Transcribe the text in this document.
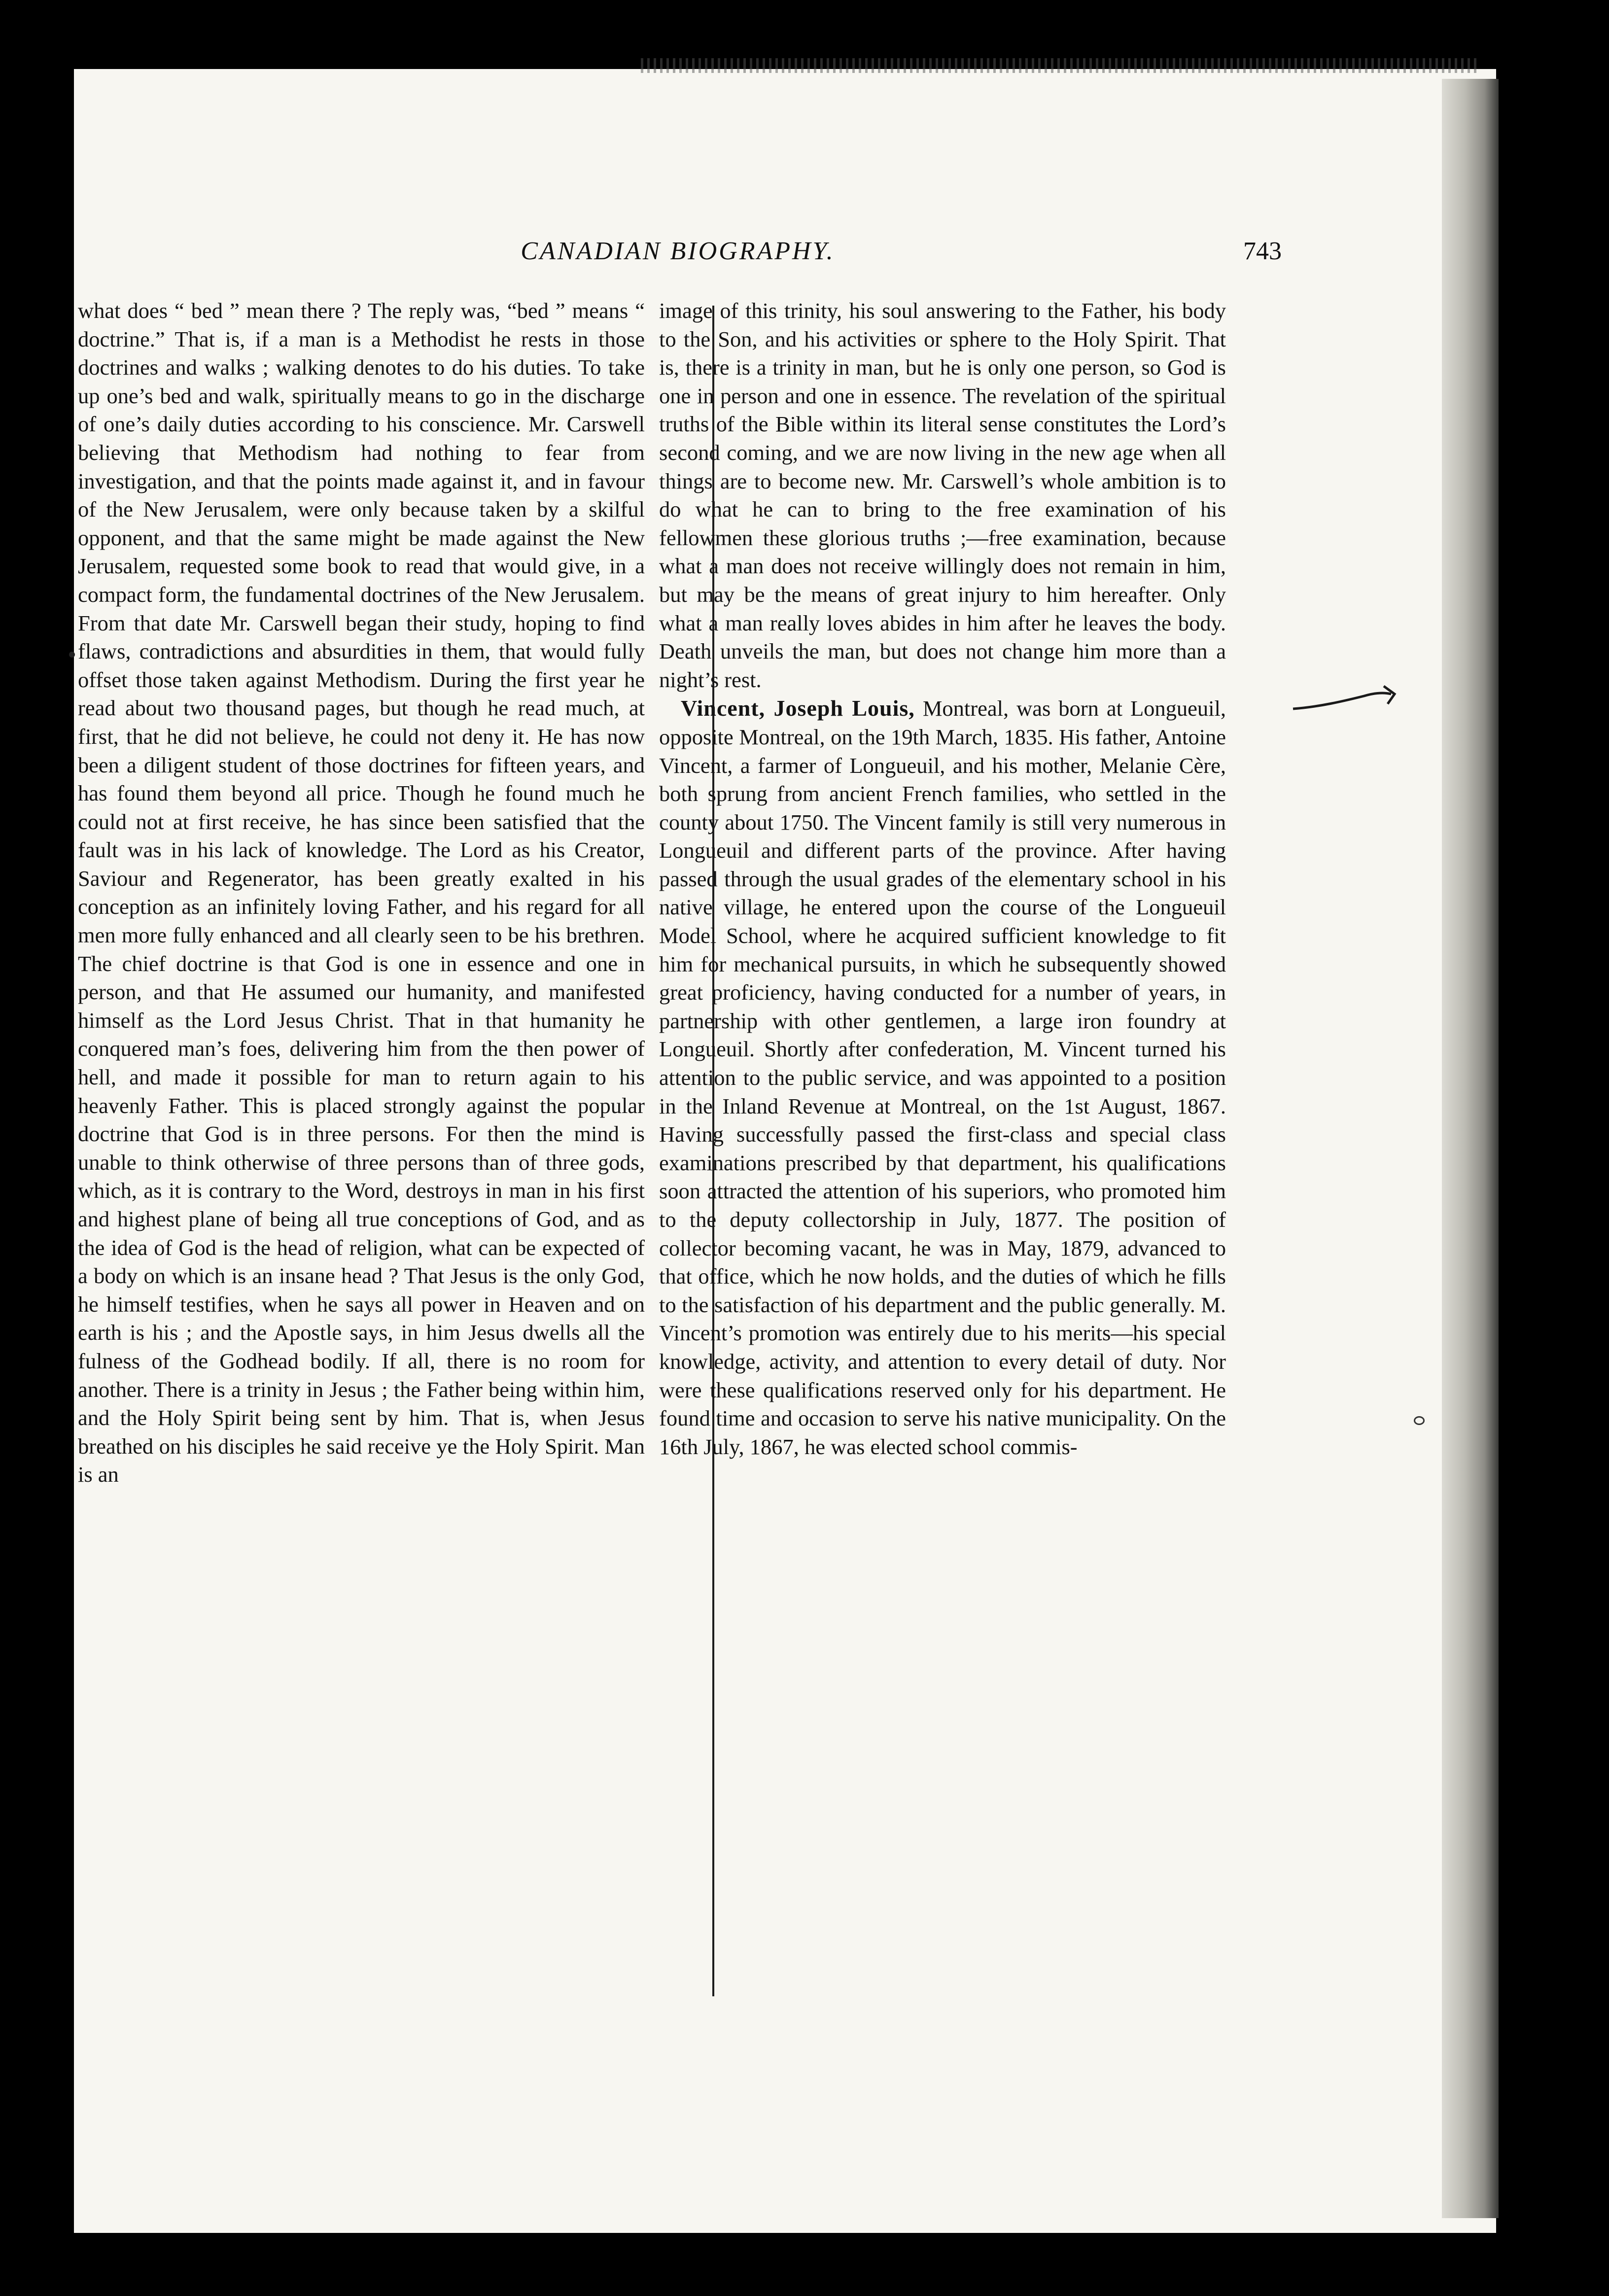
CANADIAN BIOGRAPHY.	743

what does “ bed ” mean there ? The reply was, “bed ” means “ doctrine.” That is, if a man is a Methodist he rests in those doctrines and walks ; walking denotes to do his duties. To take up one’s bed and walk, spiritually means to go in the discharge of one’s daily duties according to his conscience. Mr. Carswell believing that Methodism had nothing to fear from investigation, and that the points made against it, and in favour of the New Jerusalem, were only because taken by a skilful opponent, and that the same might be made against the New Jerusalem, requested some book to read that would give, in a compact form, the fundamental doctrines of the New Jerusalem. From that date Mr. Carswell began their study, hoping to find flaws, contradictions and absurdities in them, that would fully offset those taken against Methodism. During the first year he read about two thousand pages, but though he read much, at first, that he did not believe, he could not deny it. He has now been a diligent student of those doctrines for fifteen years, and has found them beyond all price. Though he found much he could not at first receive, he has since been satisfied that the fault was in his lack of knowledge. The Lord as his Creator, Saviour and Regenerator, has been greatly exalted in his conception as an infinitely loving Father, and his regard for all men more fully enhanced and all clearly seen to be his brethren. The chief doctrine is that God is one in essence and one in person, and that He assumed our humanity, and manifested himself as the Lord Jesus Christ. That in that humanity he conquered man’s foes, delivering him from the then power of hell, and made it possible for man to return again to his heavenly Father. This is placed strongly against the popular doctrine that God is in three persons. For then the mind is unable to think otherwise of three persons than of three gods, which, as it is contrary to the Word, destroys in man in his first and highest plane of being all true conceptions of God, and as the idea of God is the head of religion, what can be expected of a body on which is an insane head ? That Jesus is the only God, he himself testifies, when he says all power in Heaven and on earth is his ; and the Apostle says, in him Jesus dwells all the fulness of the Godhead bodily. If all, there is no room for another. There is a trinity in Jesus ; the Father being within him, and the Holy Spirit being sent by him. That is, when Jesus breathed on his disciples he said receive ye the Holy Spirit. Man is an

image of this trinity, his soul answering to the Father, his body to the Son, and his activities or sphere to the Holy Spirit. That is, there is a trinity in man, but he is only one person, so God is one in person and one in essence. The revelation of the spiritual truths of the Bible within its literal sense constitutes the Lord’s second coming, and we are now living in the new age when all things are to become new. Mr. Carswell’s whole ambition is to do what he can to bring to the free examination of his fellowmen these glorious truths ;—free examination, because what a man does not receive willingly does not remain in him, but may be the means of great injury to him hereafter. Only what a man really loves abides in him after he leaves the body. Death unveils the man, but does not change him more than a night’s rest.

Vincent, Joseph Louis, Montreal, was born at Longueuil, opposite Montreal, on the 19th March, 1835. His father, Antoine Vincent, a farmer of Longueuil, and his mother, Melanie Cère, both sprung from ancient French families, who settled in the county about 1750. The Vincent family is still very numerous in Longueuil and different parts of the province. After having passed through the usual grades of the elementary school in his native village, he entered upon the course of the Longueuil Model School, where he acquired sufficient knowledge to fit him for mechanical pursuits, in which he subsequently showed great proficiency, having conducted for a number of years, in partnership with other gentlemen, a large iron foundry at Longueuil. Shortly after confederation, M. Vincent turned his attention to the public service, and was appointed to a position in the Inland Revenue at Montreal, on the 1st August, 1867. Having successfully passed the first-class and special class examinations prescribed by that department, his qualifications soon attracted the attention of his superiors, who promoted him to the deputy collectorship in July, 1877. The position of collector becoming vacant, he was in May, 1879, advanced to that office, which he now holds, and the duties of which he fills to the satisfaction of his department and the public generally. M. Vincent’s promotion was entirely due to his merits—his special knowledge, activity, and attention to every detail of duty. Nor were these qualifications reserved only for his department. He found time and occasion to serve his native municipality. On the 16th July, 1867, he was elected school commis-
